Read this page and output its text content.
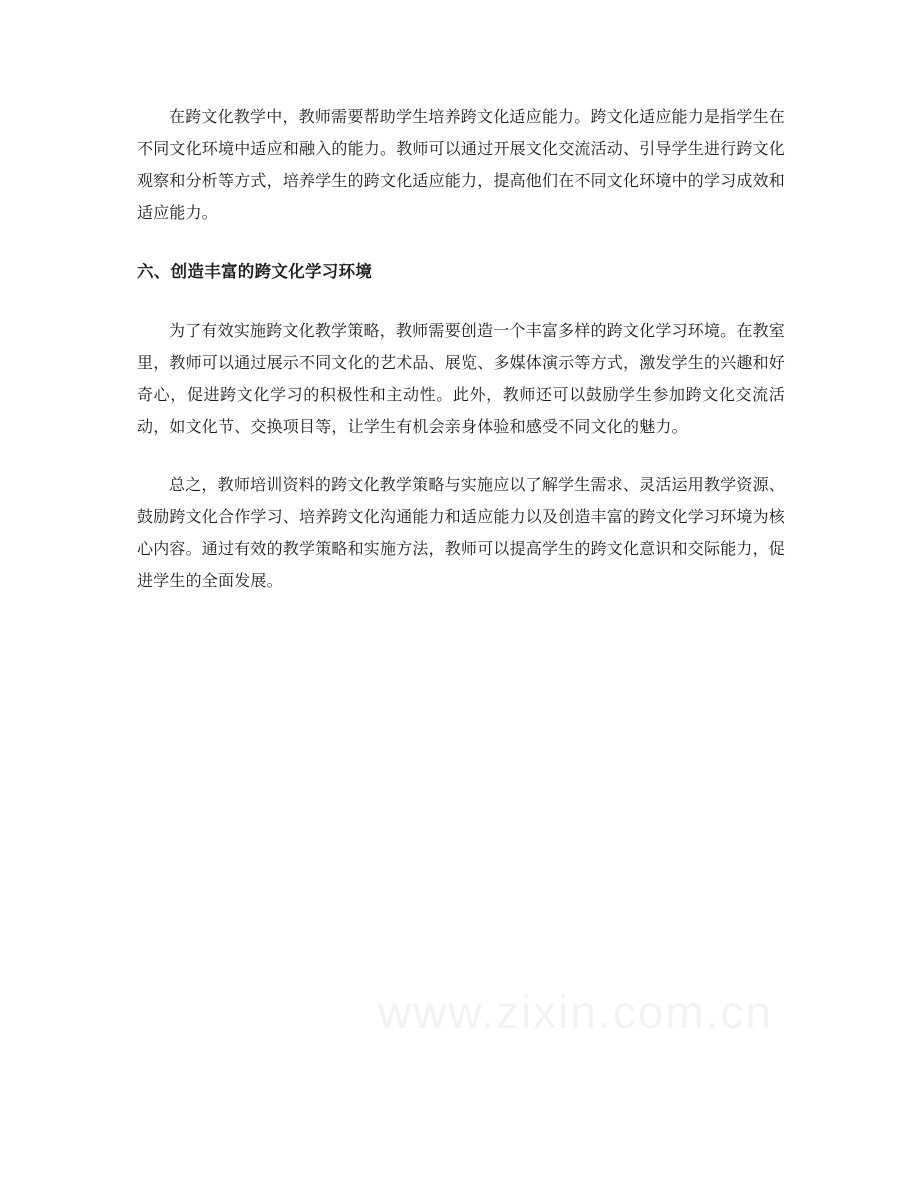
在跨文化教学中，教师需要帮助学生培养跨文化适应能力。跨文化适应能力是指学生在不同文化环境中适应和融入的能力。教师可以通过开展文化交流活动、引导学生进行跨文化观察和分析等方式，培养学生的跨文化适应能力，提高他们在不同文化环境中的学习成效和适应能力。

六、创造丰富的跨文化学习环境

为了有效实施跨文化教学策略，教师需要创造一个丰富多样的跨文化学习环境。在教室里，教师可以通过展示不同文化的艺术品、展览、多媒体演示等方式，激发学生的兴趣和好奇心，促进跨文化学习的积极性和主动性。此外，教师还可以鼓励学生参加跨文化交流活动，如文化节、交换项目等，让学生有机会亲身体验和感受不同文化的魅力。

总之，教师培训资料的跨文化教学策略与实施应以了解学生需求、灵活运用教学资源、鼓励跨文化合作学习、培养跨文化沟通能力和适应能力以及创造丰富的跨文化学习环境为核心内容。通过有效的教学策略和实施方法，教师可以提高学生的跨文化意识和交际能力，促进学生的全面发展。

www.zixin.com.cn
